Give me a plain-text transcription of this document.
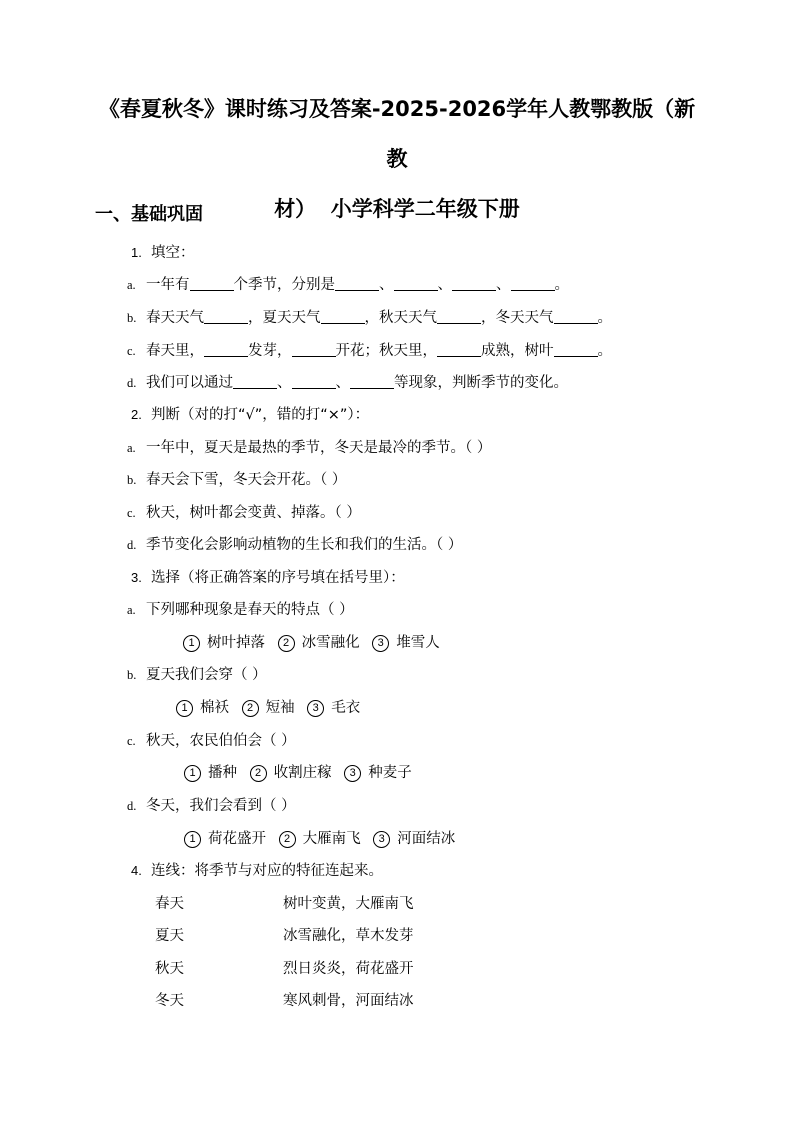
《春夏秋冬》课时练习及答案-2025-2026学年人教鄂教版（新教
材）  小学科学二年级下册
一、基础巩固
1. 填空：
a. 一年有	个季节，分别是	、	、	、	。
b. 春天天气	，夏天天气	，秋天天气	，冬天天气	。
c. 春天里，	发芽，	开花；秋天里，	成熟，树叶	。
d. 我们可以通过	、	、	等现象，判断季节的变化。
2. 判断（对的打“√”，错的打“×”）：
a. 一年中，夏天是最热的季节，冬天是最冷的季节。（ ）
b. 春天会下雪，冬天会开花。（ ）
c. 秋天，树叶都会变黄、掉落。（ ）
d. 季节变化会影响动植物的生长和我们的生活。（ ）
3. 选择（将正确答案的序号填在括号里）：
a. 下列哪种现象是春天的特点（ ）
1 树叶掉落 2 冰雪融化 3 堆雪人
b. 夏天我们会穿（ ）
1 棉袄 2 短袖 3 毛衣
c. 秋天，农民伯伯会（ ）
1 播种 2 收割庄稼 3 种麦子
d. 冬天，我们会看到（ ）
1 荷花盛开 2 大雁南飞 3 河面结冰
4. 连线：将季节与对应的特征连起来。
春天	树叶变黄，大雁南飞
夏天	冰雪融化，草木发芽
秋天	烈日炎炎，荷花盛开
冬天	寒风刺骨，河面结冰
